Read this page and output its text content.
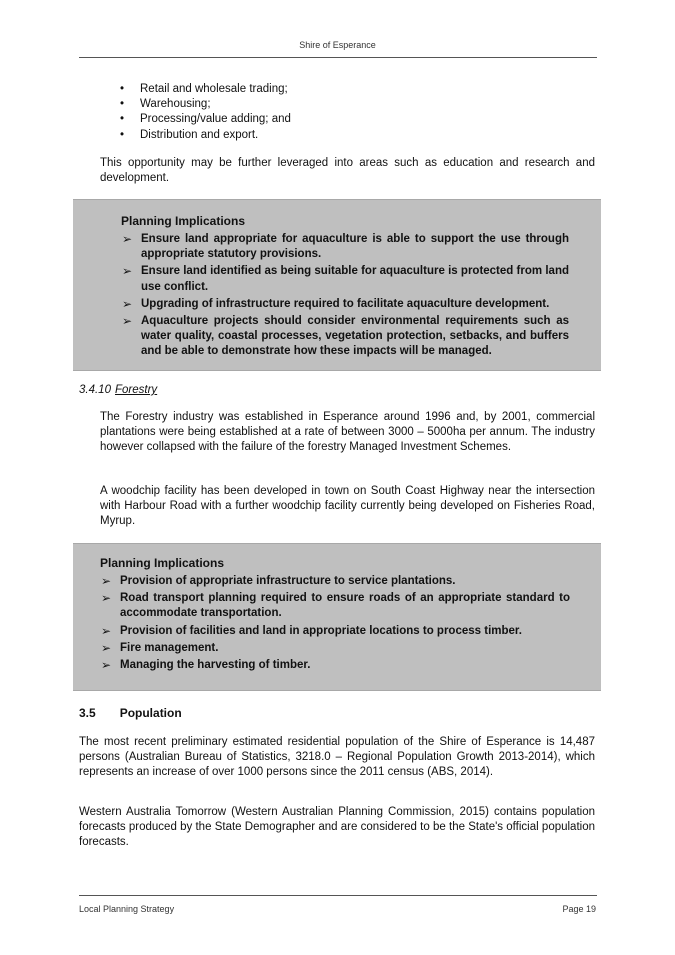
Shire of Esperance
• Retail and wholesale trading;
• Warehousing;
• Processing/value adding; and
• Distribution and export.

This opportunity may be further leveraged into areas such as education and research and development.

Planning Implications
➢ Ensure land appropriate for aquaculture is able to support the use through appropriate statutory provisions.
➢ Ensure land identified as being suitable for aquaculture is protected from land use conflict.
➢ Upgrading of infrastructure required to facilitate aquaculture development.
➢ Aquaculture projects should consider environmental requirements such as water quality, coastal processes, vegetation protection, setbacks, and buffers and be able to demonstrate how these impacts will be managed.
3.4.10 Forestry

The Forestry industry was established in Esperance around 1996 and, by 2001, commercial plantations were being established at a rate of between 3000 – 5000ha per annum. The industry however collapsed with the failure of the forestry Managed Investment Schemes.

A woodchip facility has been developed in town on South Coast Highway near the intersection with Harbour Road with a further woodchip facility currently being developed on Fisheries Road, Myrup.

Planning Implications
➢ Provision of appropriate infrastructure to service plantations.
➢ Road transport planning required to ensure roads of an appropriate standard to accommodate transportation.
➢ Provision of facilities and land in appropriate locations to process timber.
➢ Fire management.
➢ Managing the harvesting of timber.
3.5 Population

The most recent preliminary estimated residential population of the Shire of Esperance is 14,487 persons (Australian Bureau of Statistics, 3218.0 – Regional Population Growth 2013-2014), which represents an increase of over 1000 persons since the 2011 census (ABS, 2014).

Western Australia Tomorrow (Western Australian Planning Commission, 2015) contains population forecasts produced by the State Demographer and are considered to be the State's official population forecasts.

Local Planning Strategy	Page 19
